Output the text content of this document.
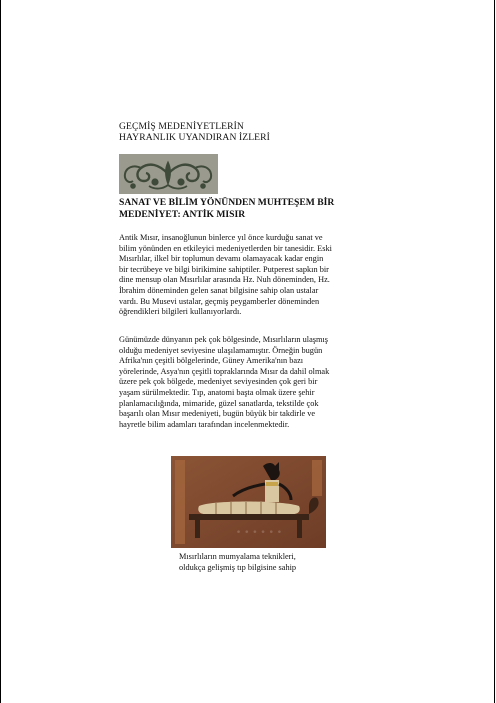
GEÇMİŞ MEDENİYETLERİN
HAYRANLIK UYANDIRAN İZLERİ
SANAT VE BİLİM YÖNÜNDEN MUHTEŞEM BİR
MEDENİYET: ANTİK MISIR
Antik Mısır, insanoğlunun binlerce yıl önce kurduğu sanat ve
bilim yönünden en etkileyici medeniyetlerden bir tanesidir. Eski
Mısırlılar, ilkel bir toplumun devamı olamayacak kadar engin
bir tecrübeye ve bilgi birikimine sahiptiler. Putperest sapkın bir
dine mensup olan Mısırlılar arasında Hz. Nuh döneminden, Hz.
İbrahim döneminden gelen sanat bilgisine sahip olan ustalar
vardı. Bu Musevi ustalar, geçmiş peygamberler döneminden
öğrendikleri bilgileri kullanıyorlardı.
Günümüzde dünyanın pek çok bölgesinde, Mısırlıların ulaşmış
olduğu medeniyet seviyesine ulaşılamamıştır. Örneğin bugün
Afrika'nın çeşitli bölgelerinde, Güney Amerika'nın bazı
yörelerinde, Asya'nın çeşitli topraklarında Mısır da dahil olmak
üzere pek çok bölgede, medeniyet seviyesinden çok geri bir
yaşam sürülmektedir. Tıp, anatomi başta olmak üzere şehir
planlamacılığında, mimaride, güzel sanatlarda, tekstilde çok
başarılı olan Mısır medeniyeti, bugün büyük bir takdirle ve
hayretle bilim adamları tarafından incelenmektedir.
• • • • • •
Mısırlıların mumyalama teknikleri,
oldukça gelişmiş tıp bilgisine sahip
